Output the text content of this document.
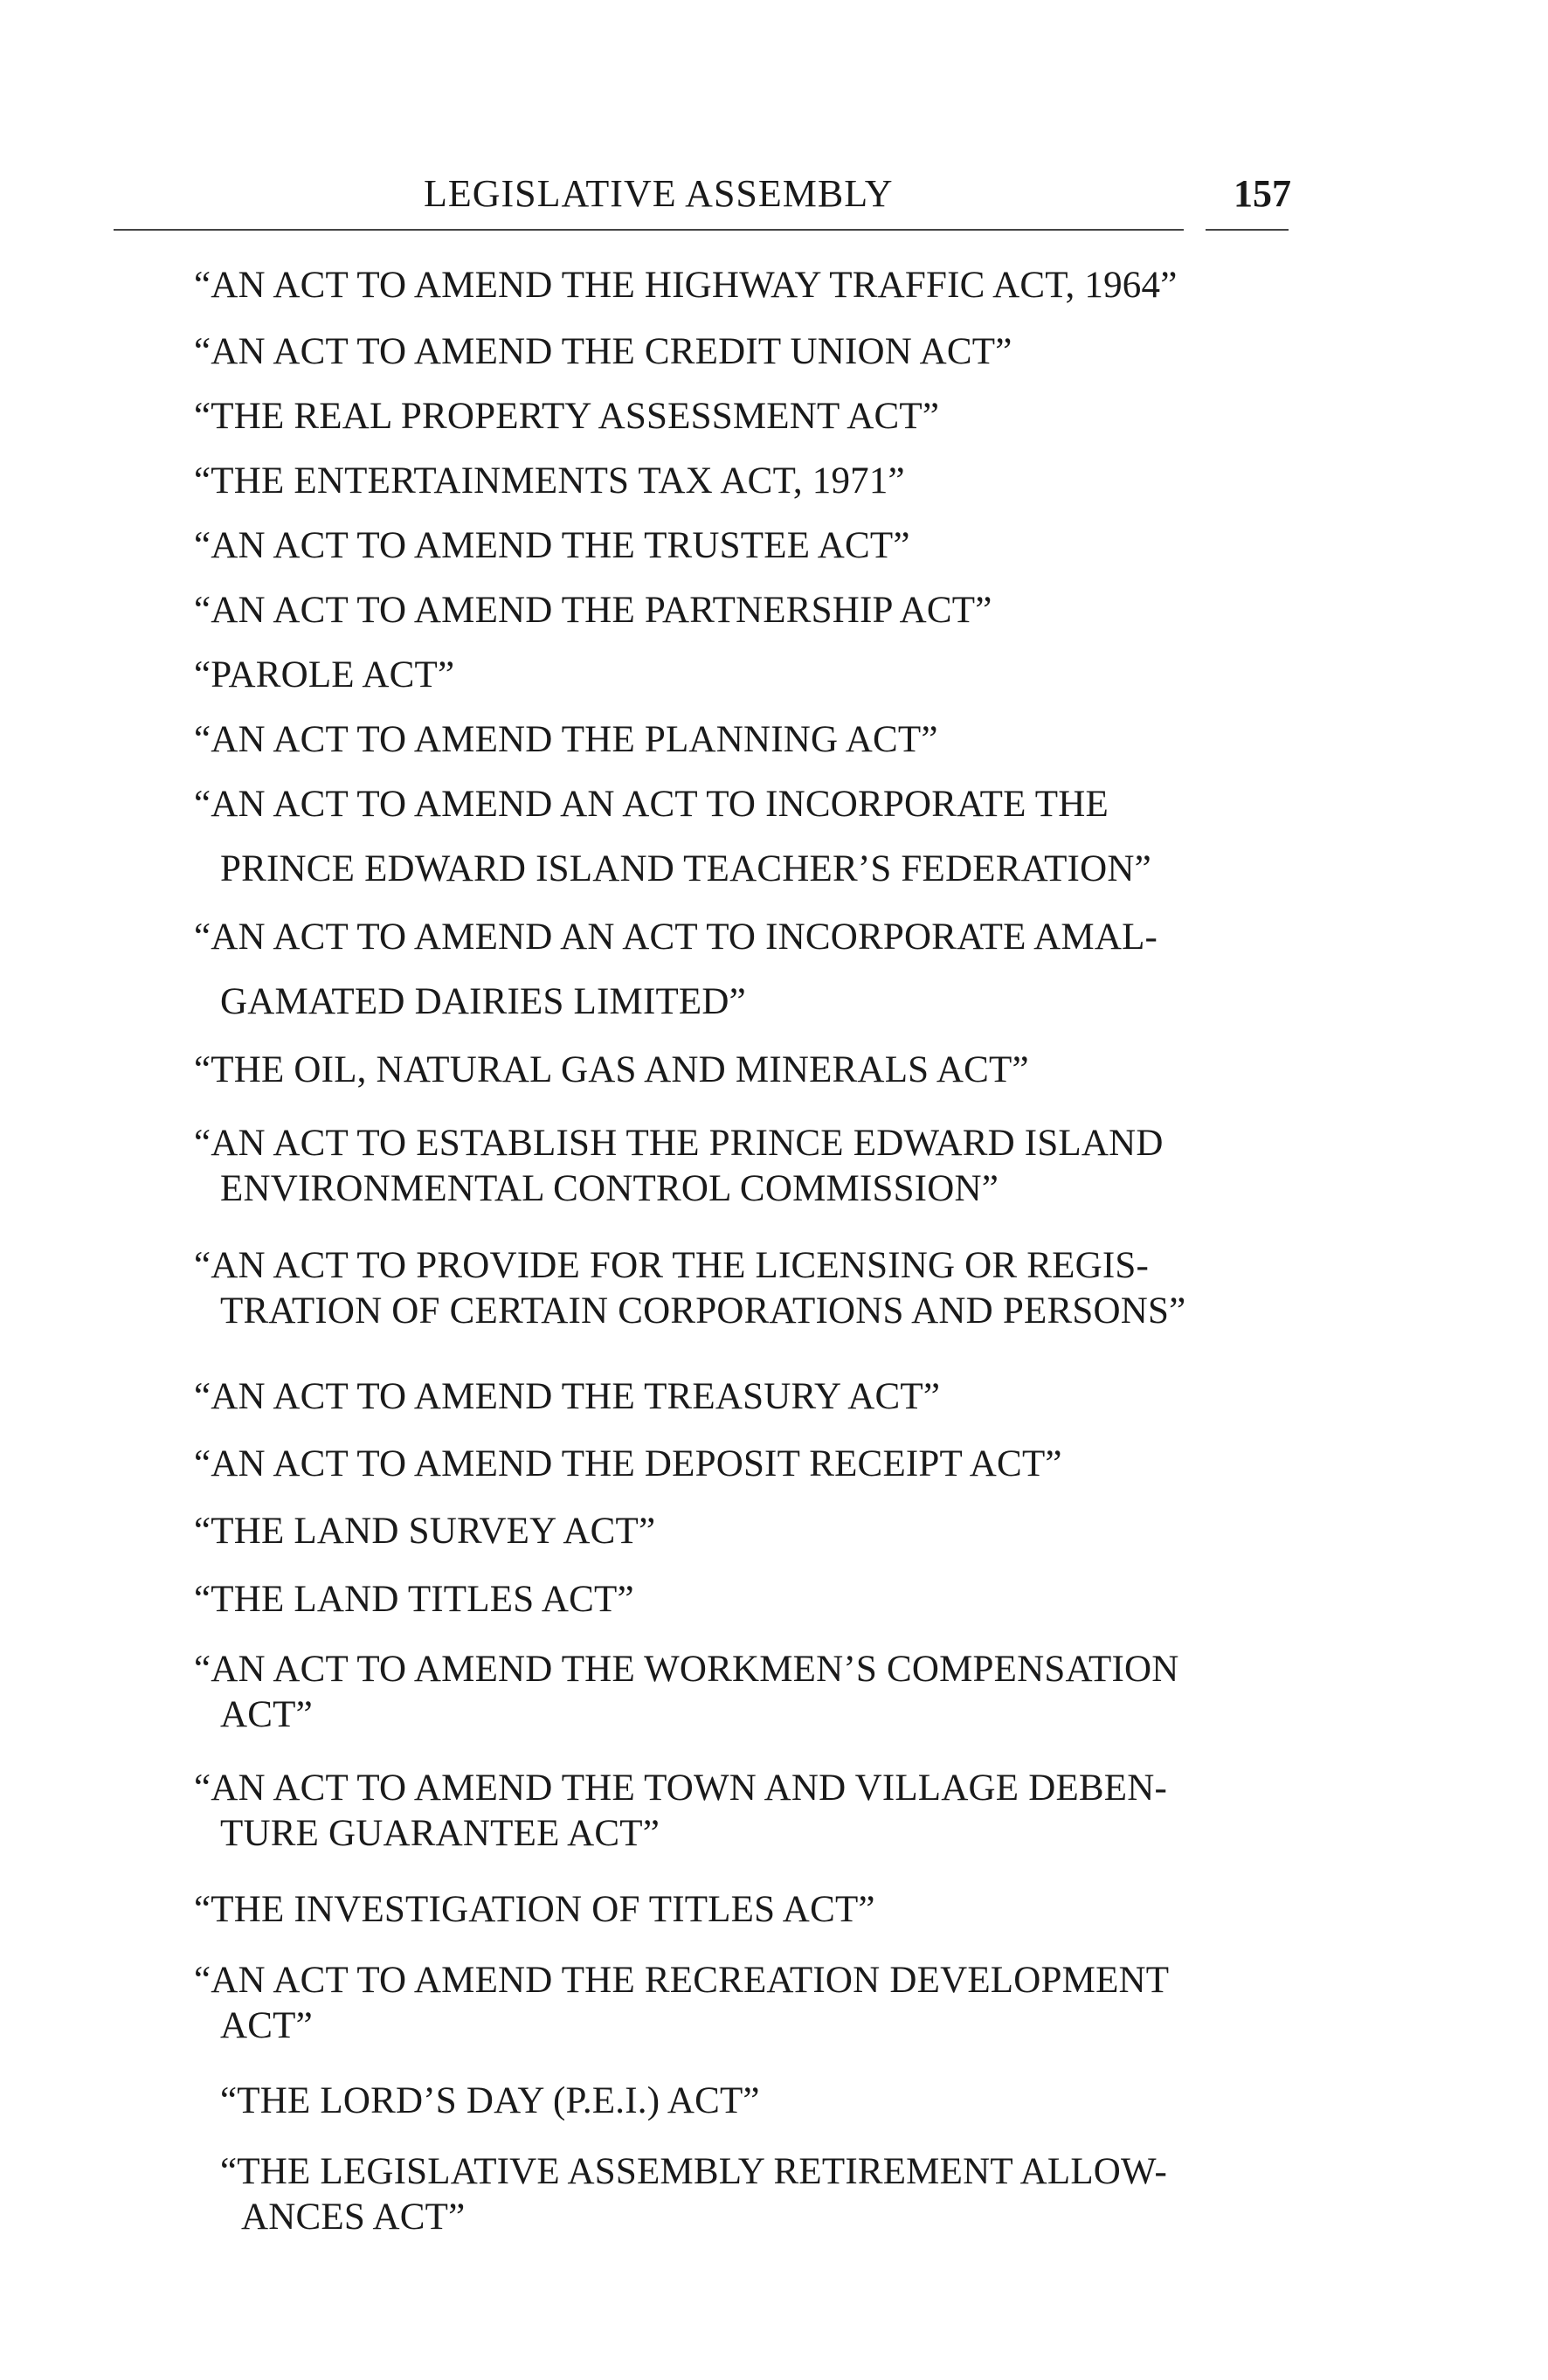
LEGISLATIVE ASSEMBLY	157
“AN ACT TO AMEND THE HIGHWAY TRAFFIC ACT, 1964”
“AN ACT TO AMEND THE CREDIT UNION ACT”
“THE REAL PROPERTY ASSESSMENT ACT”
“THE ENTERTAINMENTS TAX ACT, 1971”
“AN ACT TO AMEND THE TRUSTEE ACT”
“AN ACT TO AMEND THE PARTNERSHIP ACT”
“PAROLE ACT”
“AN ACT TO AMEND THE PLANNING ACT”
“AN ACT TO AMEND AN ACT TO INCORPORATE THE
PRINCE EDWARD ISLAND TEACHER’S FEDERATION”
“AN ACT TO AMEND AN ACT TO INCORPORATE AMAL-
GAMATED DAIRIES LIMITED”
“THE OIL, NATURAL GAS AND MINERALS ACT”
“AN ACT TO ESTABLISH THE PRINCE EDWARD ISLAND
ENVIRONMENTAL CONTROL COMMISSION”
“AN ACT TO PROVIDE FOR THE LICENSING OR REGIS-
TRATION OF CERTAIN CORPORATIONS AND PERSONS”
“AN ACT TO AMEND THE TREASURY ACT”
“AN ACT TO AMEND THE DEPOSIT RECEIPT ACT”
“THE LAND SURVEY ACT”
“THE LAND TITLES ACT”
“AN ACT TO AMEND THE WORKMEN’S COMPENSATION
ACT”
“AN ACT TO AMEND THE TOWN AND VILLAGE DEBEN-
TURE GUARANTEE ACT”
“THE INVESTIGATION OF TITLES ACT”
“AN ACT TO AMEND THE RECREATION DEVELOPMENT
ACT”
“THE LORD’S DAY (P.E.I.) ACT”
“THE LEGISLATIVE ASSEMBLY RETIREMENT ALLOW-
ANCES ACT”
